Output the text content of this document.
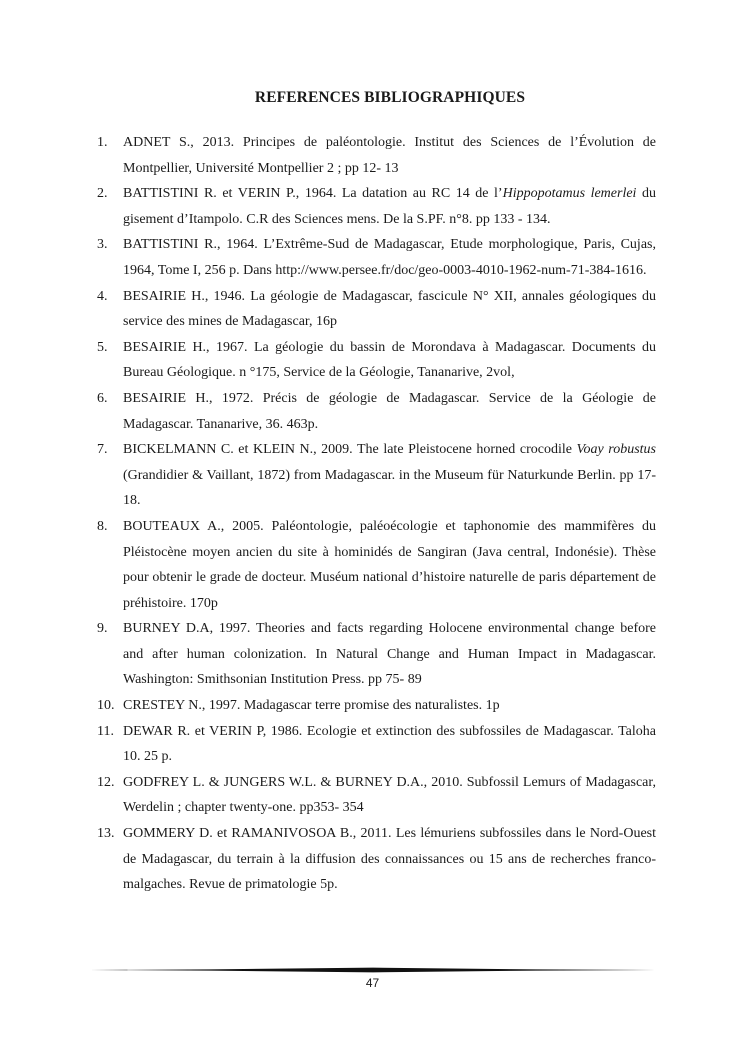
REFERENCES BIBLIOGRAPHIQUES
1.	ADNET S., 2013. Principes de paléontologie. Institut des Sciences de l’Évolution de Montpellier, Université Montpellier 2 ; pp 12- 13
2.	BATTISTINI R. et VERIN P., 1964. La datation au RC 14 de l’Hippopotamus lemerlei du gisement d’Itampolo. C.R des Sciences mens. De la S.PF. n°8. pp 133 - 134.
3.	BATTISTINI R., 1964. L’Extrême-Sud de Madagascar, Etude morphologique, Paris, Cujas, 1964, Tome I, 256 p. Dans http://www.persee.fr/doc/geo-0003-4010-1962-num-71-384-1616.
4.	BESAIRIE H., 1946. La géologie de Madagascar, fascicule N° XII, annales géologiques du service des mines de Madagascar, 16p
5.	BESAIRIE H., 1967. La géologie du bassin de Morondava à Madagascar. Documents du Bureau Géologique. n °175, Service de la Géologie, Tananarive, 2vol,
6.	BESAIRIE H., 1972. Précis de géologie de Madagascar. Service de la Géologie de Madagascar. Tananarive, 36. 463p.
7.	BICKELMANN C. et KLEIN N., 2009. The late Pleistocene horned crocodile Voay robustus (Grandidier & Vaillant, 1872) from Madagascar. in the Museum für Naturkunde Berlin. pp 17- 18.
8.	BOUTEAUX A., 2005. Paléontologie, paléoécologie et taphonomie des mammifères du Pléistocène moyen ancien du site à hominidés de Sangiran (Java central, Indonésie). Thèse pour obtenir le grade de docteur. Muséum national d’histoire naturelle de paris département de préhistoire. 170p
9.	BURNEY D.A, 1997. Theories and facts regarding Holocene environmental change before and after human colonization. In Natural Change and Human Impact in Madagascar. Washington: Smithsonian Institution Press. pp 75- 89
10. CRESTEY N., 1997. Madagascar terre promise des naturalistes. 1p
11. DEWAR R. et VERIN P, 1986. Ecologie et extinction des subfossiles de Madagascar. Taloha 10. 25 p.
12. GODFREY L. & JUNGERS W.L. & BURNEY D.A., 2010. Subfossil Lemurs of Madagascar, Werdelin ; chapter twenty-one. pp353- 354
13. GOMMERY D. et RAMANIVOSOA B., 2011. Les lémuriens subfossiles dans le Nord-Ouest de Madagascar, du terrain à la diffusion des connaissances ou 15 ans de recherches franco-malgaches. Revue de primatologie 5p.
47
